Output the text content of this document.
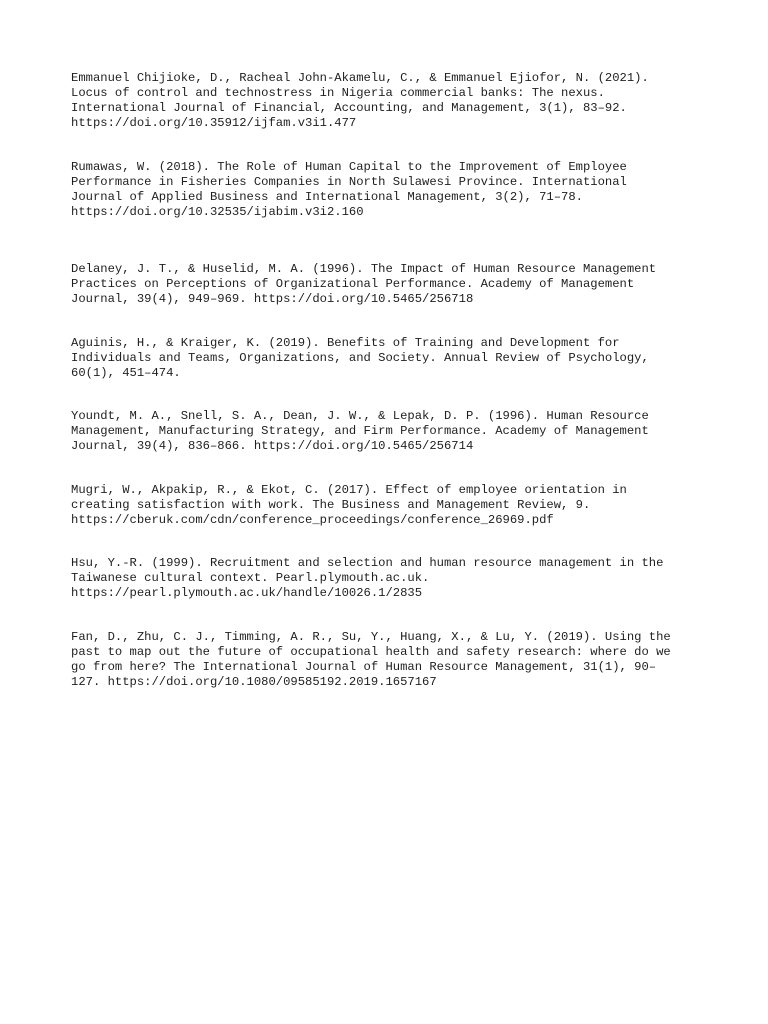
Emmanuel Chijioke, D., Racheal John-Akamelu, C., & Emmanuel Ejiofor, N. (2021).
Locus of control and technostress in Nigeria commercial banks: The nexus.
International Journal of Financial, Accounting, and Management, 3(1), 83–92.
https://doi.org/10.35912/ijfam.v3i1.477

Rumawas, W. (2018). The Role of Human Capital to the Improvement of Employee
Performance in Fisheries Companies in North Sulawesi Province. International
Journal of Applied Business and International Management, 3(2), 71–78.
https://doi.org/10.32535/ijabim.v3i2.160

Delaney, J. T., & Huselid, M. A. (1996). The Impact of Human Resource Management
Practices on Perceptions of Organizational Performance. Academy of Management
Journal, 39(4), 949–969. https://doi.org/10.5465/256718

Aguinis, H., & Kraiger, K. (2019). Benefits of Training and Development for
Individuals and Teams, Organizations, and Society. Annual Review of Psychology,
60(1), 451–474.

Youndt, M. A., Snell, S. A., Dean, J. W., & Lepak, D. P. (1996). Human Resource
Management, Manufacturing Strategy, and Firm Performance. Academy of Management
Journal, 39(4), 836–866. https://doi.org/10.5465/256714

Mugri, W., Akpakip, R., & Ekot, C. (2017). Effect of employee orientation in
creating satisfaction with work. The Business and Management Review, 9.
https://cberuk.com/cdn/conference_proceedings/conference_26969.pdf

Hsu, Y.-R. (1999). Recruitment and selection and human resource management in the
Taiwanese cultural context. Pearl.plymouth.ac.uk.
https://pearl.plymouth.ac.uk/handle/10026.1/2835

Fan, D., Zhu, C. J., Timming, A. R., Su, Y., Huang, X., & Lu, Y. (2019). Using the
past to map out the future of occupational health and safety research: where do we
go from here? The International Journal of Human Resource Management, 31(1), 90–
127. https://doi.org/10.1080/09585192.2019.1657167
